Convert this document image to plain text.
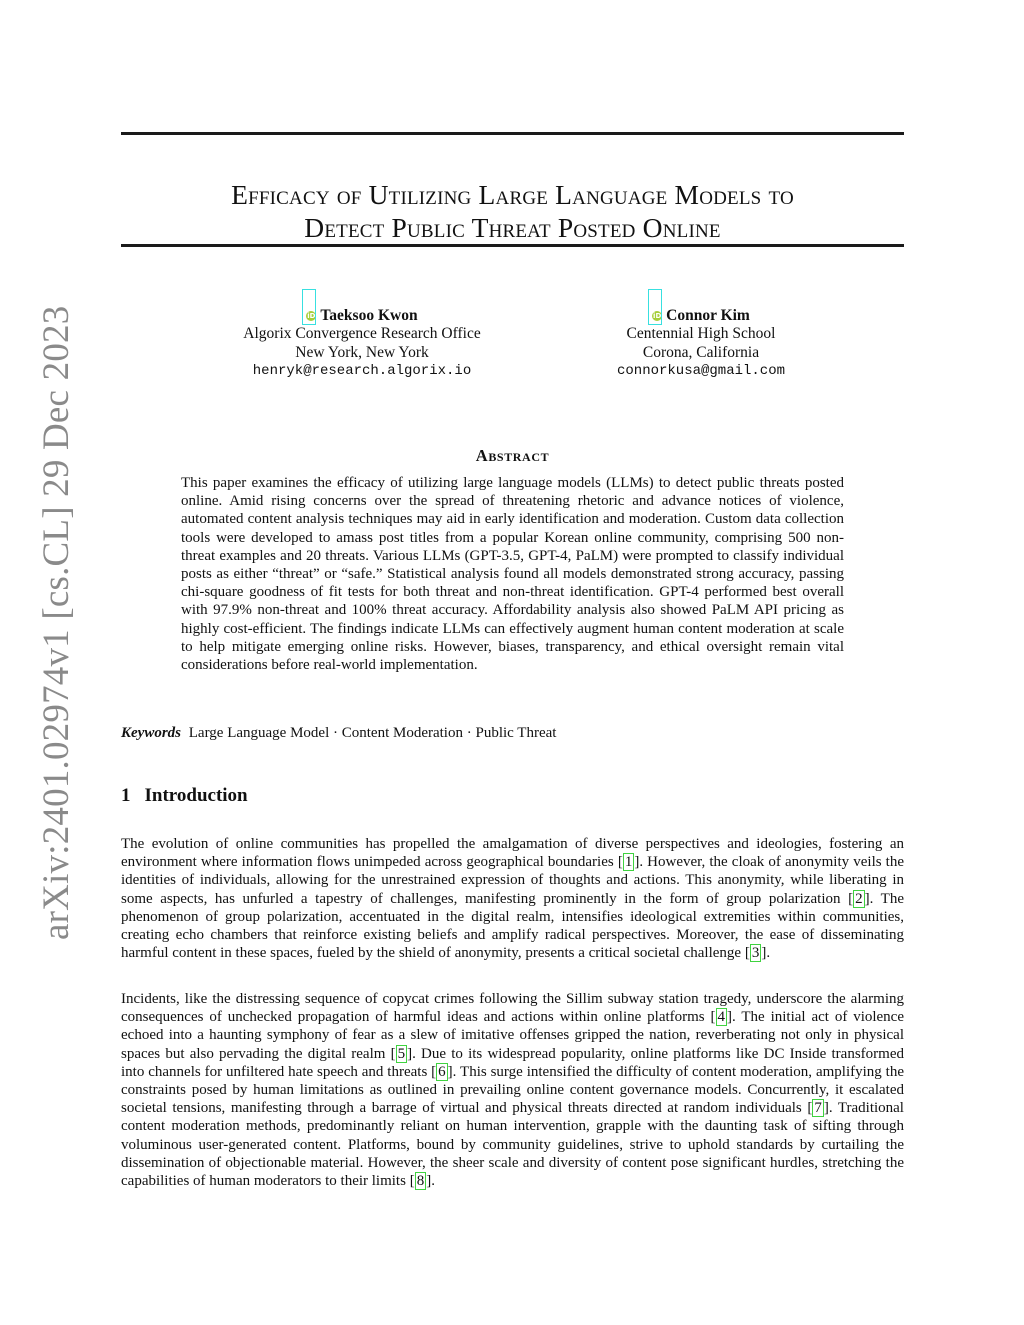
arXiv:2401.02974v1 [cs.CL] 29 Dec 2023
Efficacy of Utilizing Large Language Models to
Detect Public Threat Posted Online
iD Taeksoo Kwon
Algorix Convergence Research Office
New York, New York
henryk@research.algorix.io
iD Connor Kim
Centennial High School
Corona, California
connorkusa@gmail.com
Abstract

This paper examines the efficacy of utilizing large language models (LLMs) to detect public threats posted online. Amid rising concerns over the spread of threatening rhetoric and advance notices of violence, automated content analysis techniques may aid in early identification and moderation. Custom data collection tools were developed to amass post titles from a popular Korean online community, comprising 500 non-threat examples and 20 threats. Various LLMs (GPT-3.5, GPT-4, PaLM) were prompted to classify individual posts as either “threat” or “safe.” Statistical analysis found all models demonstrated strong accuracy, passing chi-square goodness of fit tests for both threat and non-threat identification. GPT-4 performed best overall with 97.9% non-threat and 100% threat accuracy. Affordability analysis also showed PaLM API pricing as highly cost-efficient. The findings indicate LLMs can effectively augment human content moderation at scale to help mitigate emerging online risks. However, biases, transparency, and ethical oversight remain vital considerations before real-world implementation.

Keywords Large Language Model · Content Moderation · Public Threat
1 Introduction

The evolution of online communities has propelled the amalgamation of diverse perspectives and ideologies, fostering an environment where information flows unimpeded across geographical boundaries [ 1 ]. However, the cloak of anonymity veils the identities of individuals, allowing for the unrestrained expression of thoughts and actions. This anonymity, while liberating in some aspects, has unfurled a tapestry of challenges, manifesting prominently in the form of group polarization [ 2 ]. The phenomenon of group polarization, accentuated in the digital realm, intensifies ideological extremities within communities, creating echo chambers that reinforce existing beliefs and amplify radical perspectives. Moreover, the ease of disseminating harmful content in these spaces, fueled by the shield of anonymity, presents a critical societal challenge [ 3 ].

Incidents, like the distressing sequence of copycat crimes following the Sillim subway station tragedy, underscore the alarming consequences of unchecked propagation of harmful ideas and actions within online platforms [ 4 ]. The initial act of violence echoed into a haunting symphony of fear as a slew of imitative offenses gripped the nation, reverberating not only in physical spaces but also pervading the digital realm [ 5 ]. Due to its widespread popularity, online platforms like DC Inside transformed into channels for unfiltered hate speech and threats [ 6 ]. This surge intensified the difficulty of content moderation, amplifying the constraints posed by human limitations as outlined in prevailing online content governance models. Concurrently, it escalated societal tensions, manifesting through a barrage of virtual and physical threats directed at random individuals [ 7 ]. Traditional content moderation methods, predominantly reliant on human intervention, grapple with the daunting task of sifting through voluminous user-generated content. Platforms, bound by community guidelines, strive to uphold standards by curtailing the dissemination of objectionable material. However, the sheer scale and diversity of content pose significant hurdles, stretching the capabilities of human moderators to their limits [ 8 ].
